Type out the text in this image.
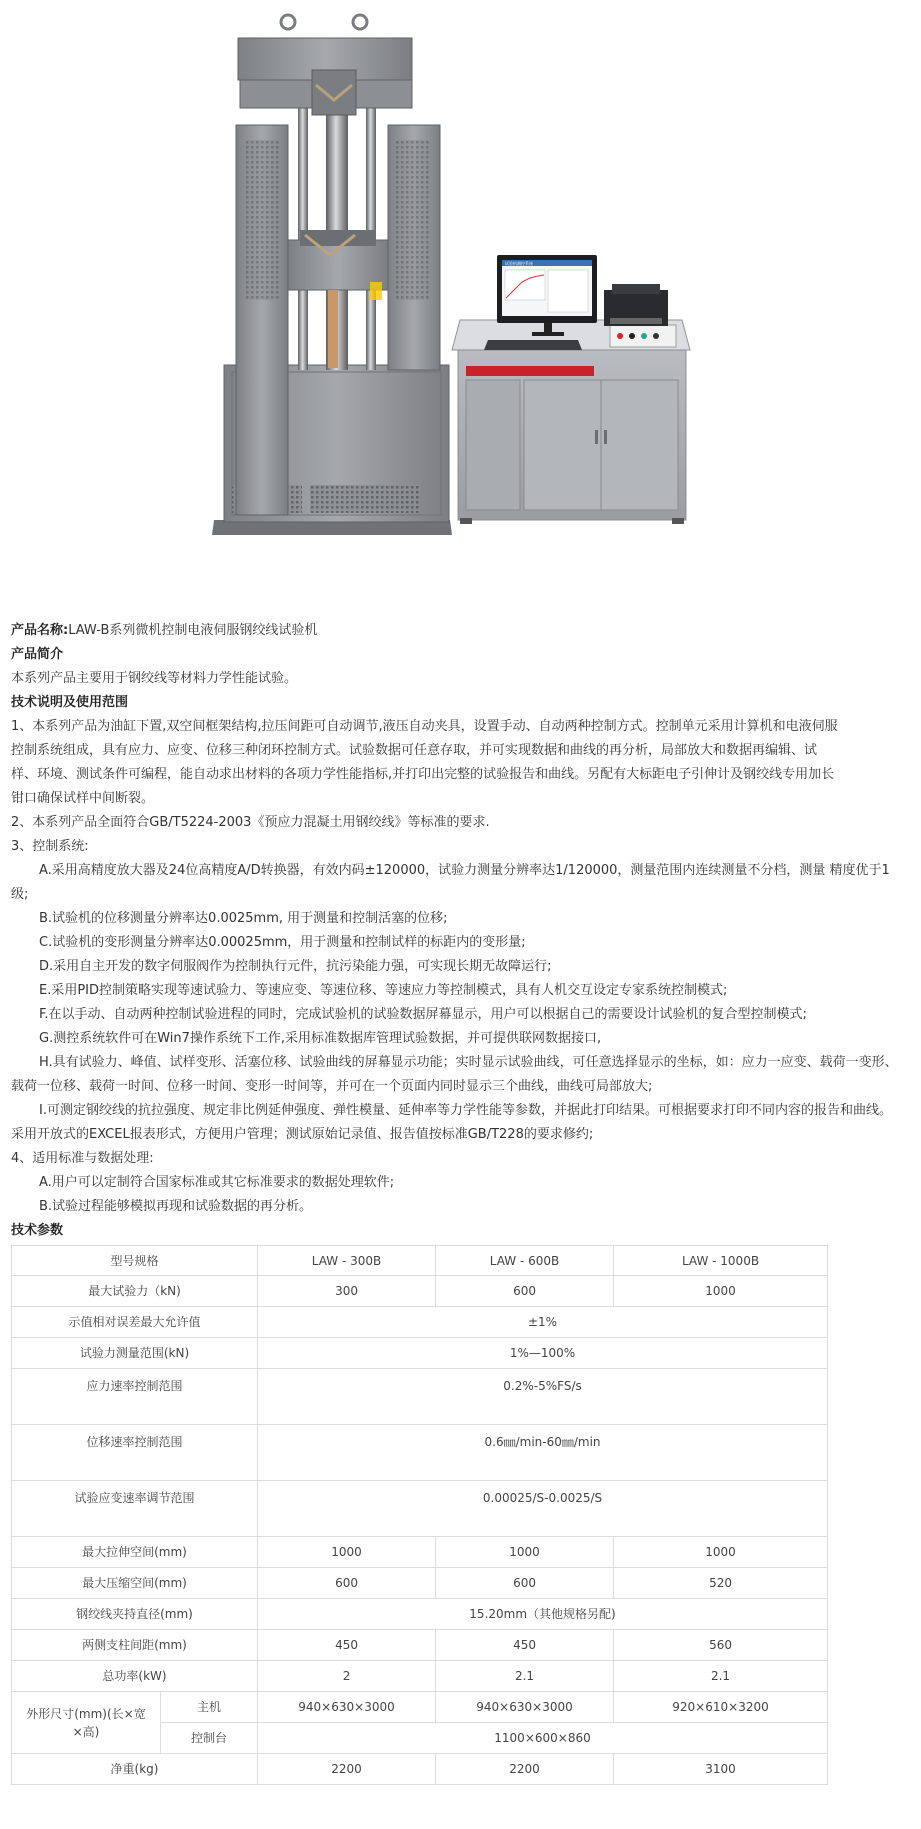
试验机测控系统
产品名称:LAW-B系列微机控制电液伺服钢绞线试验机
产品简介
本系列产品主要用于钢绞线等材料力学性能试验。
技术说明及使用范围
1、本系列产品为油缸下置,双空间框架结构,拉压间距可自动调节,液压自动夹具，设置手动、自动两种控制方式。控制单元采用计算机和电液伺服
控制系统组成，具有应力、应变、位移三种闭环控制方式。试验数据可任意存取，并可实现数据和曲线的再分析，局部放大和数据再编辑、试
样、环境、测试条件可编程，能自动求出材料的各项力学性能指标,并打印出完整的试验报告和曲线。另配有大标距电子引伸计及钢绞线专用加长
钳口确保试样中间断裂。
2、本系列产品全面符合GB/T5224-2003《预应力混凝土用钢绞线》等标准的要求.
3、控制系统:
A.采用高精度放大器及24位高精度A/D转换器，有效内码±120000，试验力测量分辨率达1/120000，测量范围内连续测量不分档，测量 精度优于1级;
B.试验机的位移测量分辨率达0.0025mm, 用于测量和控制活塞的位移;
C.试验机的变形测量分辨率达0.00025mm，用于测量和控制试样的标距内的变形量;
D.采用自主开发的数字伺服阀作为控制执行元件，抗污染能力强，可实现长期无故障运行;
E.采用PID控制策略实现等速试验力、等速应变、等速位移、等速应力等控制模式，具有人机交互设定专家系统控制模式;
F.在以手动、自动两种控制试验进程的同时，完成试验机的试验数据屏幕显示，用户可以根据自己的需要设计试验机的复合型控制模式;
G.测控系统软件可在Win7操作系统下工作,采用标准数据库管理试验数据，并可提供联网数据接口,
H.具有试验力、峰值、试样变形、活塞位移、试验曲线的屏幕显示功能；实时显示试验曲线，可任意选择显示的坐标，如：应力一应变、载荷一变形、载荷一位移、载荷一时间、位移一时间、变形一时间等，并可在一个页面内同时显示三个曲线，曲线可局部放大;
I.可测定钢绞线的抗拉强度、规定非比例延伸强度、弹性模量、延伸率等力学性能等参数，并据此打印结果。可根据要求打印不同内容的报告和曲线。采用开放式的EXCEL报表形式，方便用户管理；测试原始记录值、报告值按标准GB/T228的要求修约;
4、适用标准与数据处理:
A.用户可以定制符合国家标准或其它标准要求的数据处理软件;
B.试验过程能够模拟再现和试验数据的再分析。
技术参数
型号规格		LAW - 300B	LAW - 600B	LAW - 1000B
最大试验力（kN)		300	600	1000
示值相对误差最大允许值		±1%		
试验力测量范围(kN)		1%—100%		
应力速率控制范围		0.2%-5%FS/s		
位移速率控制范围		0.6㎜/min-60㎜/min		
试验应变速率调节范围		0.00025/S-0.0025/S		
最大拉伸空间(mm)		1000	1000	1000
最大压缩空间(mm)		600	600	520
钢绞线夹持直径(mm)		15.20mm（其他规格另配)		
两侧支柱间距(mm)		450	450	560
总功率(kW)		2	2.1	2.1
外形尺寸(mm)(长×宽×高)	主机	940×630×3000	940×630×3000	920×610×3200
	控制台	1100×600×860		
净重(kg)		2200	2200	3100
